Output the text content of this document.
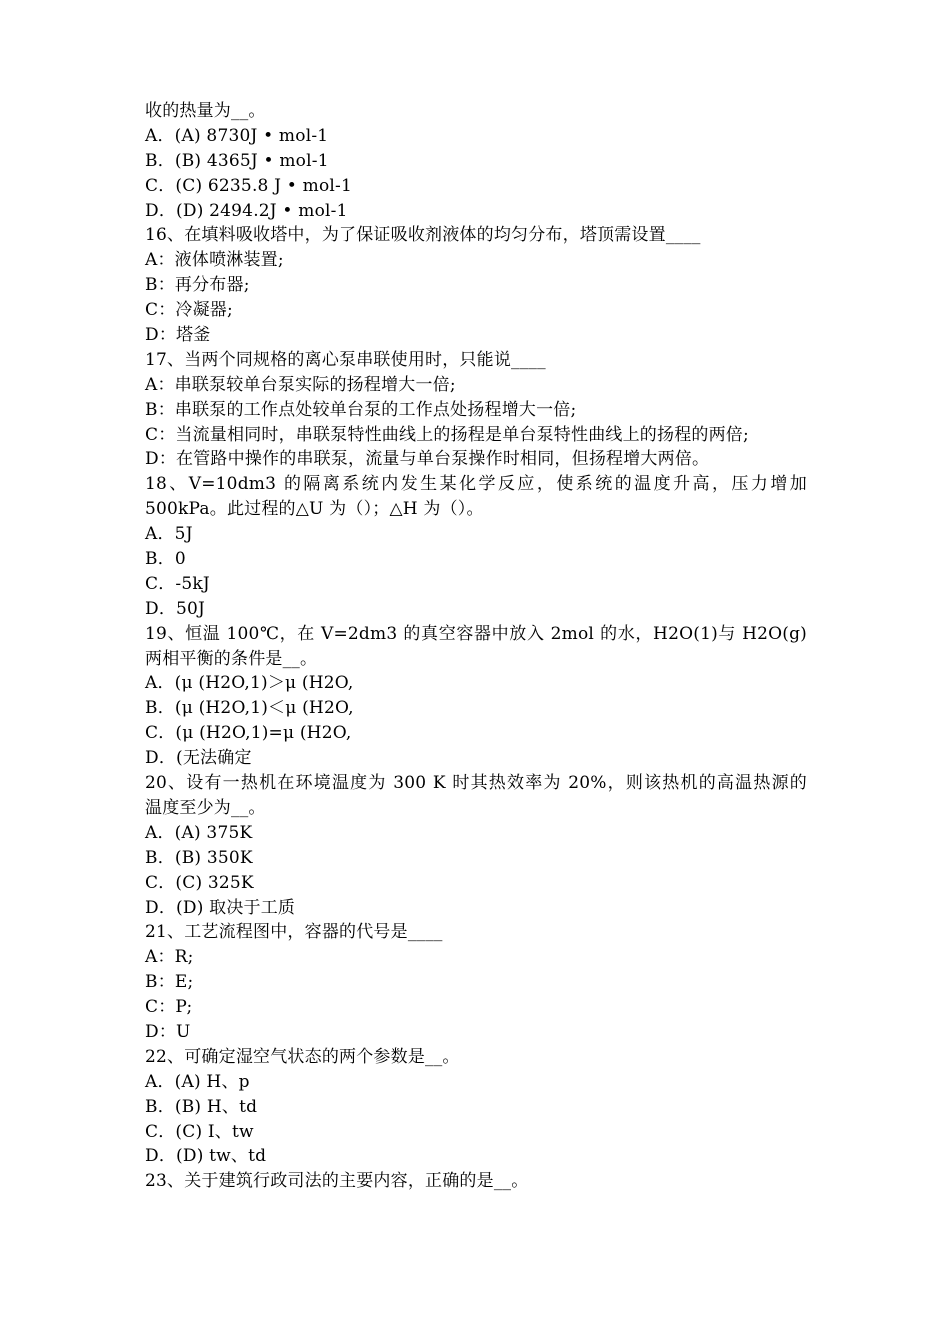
收的热量为__。
A．(A) 8730J • mol-1
B．(B) 4365J • mol-1
C．(C) 6235.8 J • mol-1
D．(D) 2494.2J • mol-1
16、在填料吸收塔中，为了保证吸收剂液体的均匀分布，塔顶需设置____
A：液体喷淋装置;
B：再分布器;
C：冷凝器;
D：塔釜
17、当两个同规格的离心泵串联使用时，只能说____
A：串联泵较单台泵实际的扬程增大一倍;
B：串联泵的工作点处较单台泵的工作点处扬程增大一倍;
C：当流量相同时，串联泵特性曲线上的扬程是单台泵特性曲线上的扬程的两倍;
D：在管路中操作的串联泵，流量与单台泵操作时相同，但扬程增大两倍。
18、V=10dm3 的隔离系统内发生某化学反应，使系统的温度升高，压力增加
500kPa。此过程的△U 为（）；△H 为（）。
A．5J
B．0
C．-5kJ
D．50J
19、恒温 100℃，在 V=2dm3 的真空容器中放入 2mol 的水，H2O(1)与 H2O(g)
两相平衡的条件是__。
A．(μ (H2O,1)＞μ (H2O,
B．(μ (H2O,1)＜μ (H2O,
C．(μ (H2O,1)=μ (H2O,
D．(无法确定
20、设有一热机在环境温度为 300 K 时其热效率为 20%，则该热机的高温热源的
温度至少为__。
A．(A) 375K
B．(B) 350K
C．(C) 325K
D．(D) 取决于工质
21、工艺流程图中，容器的代号是____
A：R;
B：E;
C：P;
D：U
22、可确定湿空气状态的两个参数是__。
A．(A) H、p
B．(B) H、td
C．(C) I、tw
D．(D) tw、td
23、关于建筑行政司法的主要内容，正确的是__。
